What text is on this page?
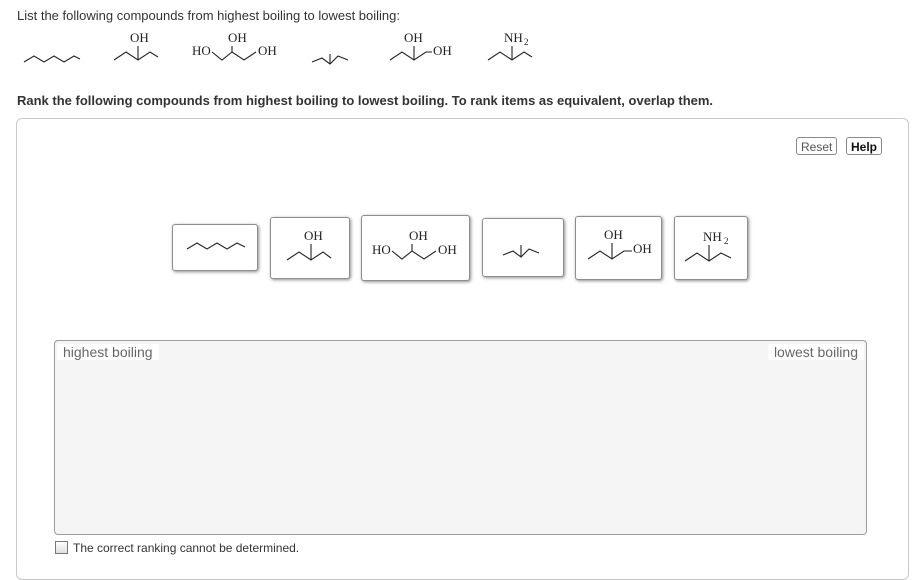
List the following compounds from highest boiling to lowest boiling:
OH	OH
HO	OH
OH
OH
NH 2
Rank the following compounds from highest boiling to lowest boiling. To rank items as equivalent, overlap them.
Reset	Help
OH	OH
HO	OH
OH
OH
NH 2
highest boiling	lowest boiling
The correct ranking cannot be determined.
